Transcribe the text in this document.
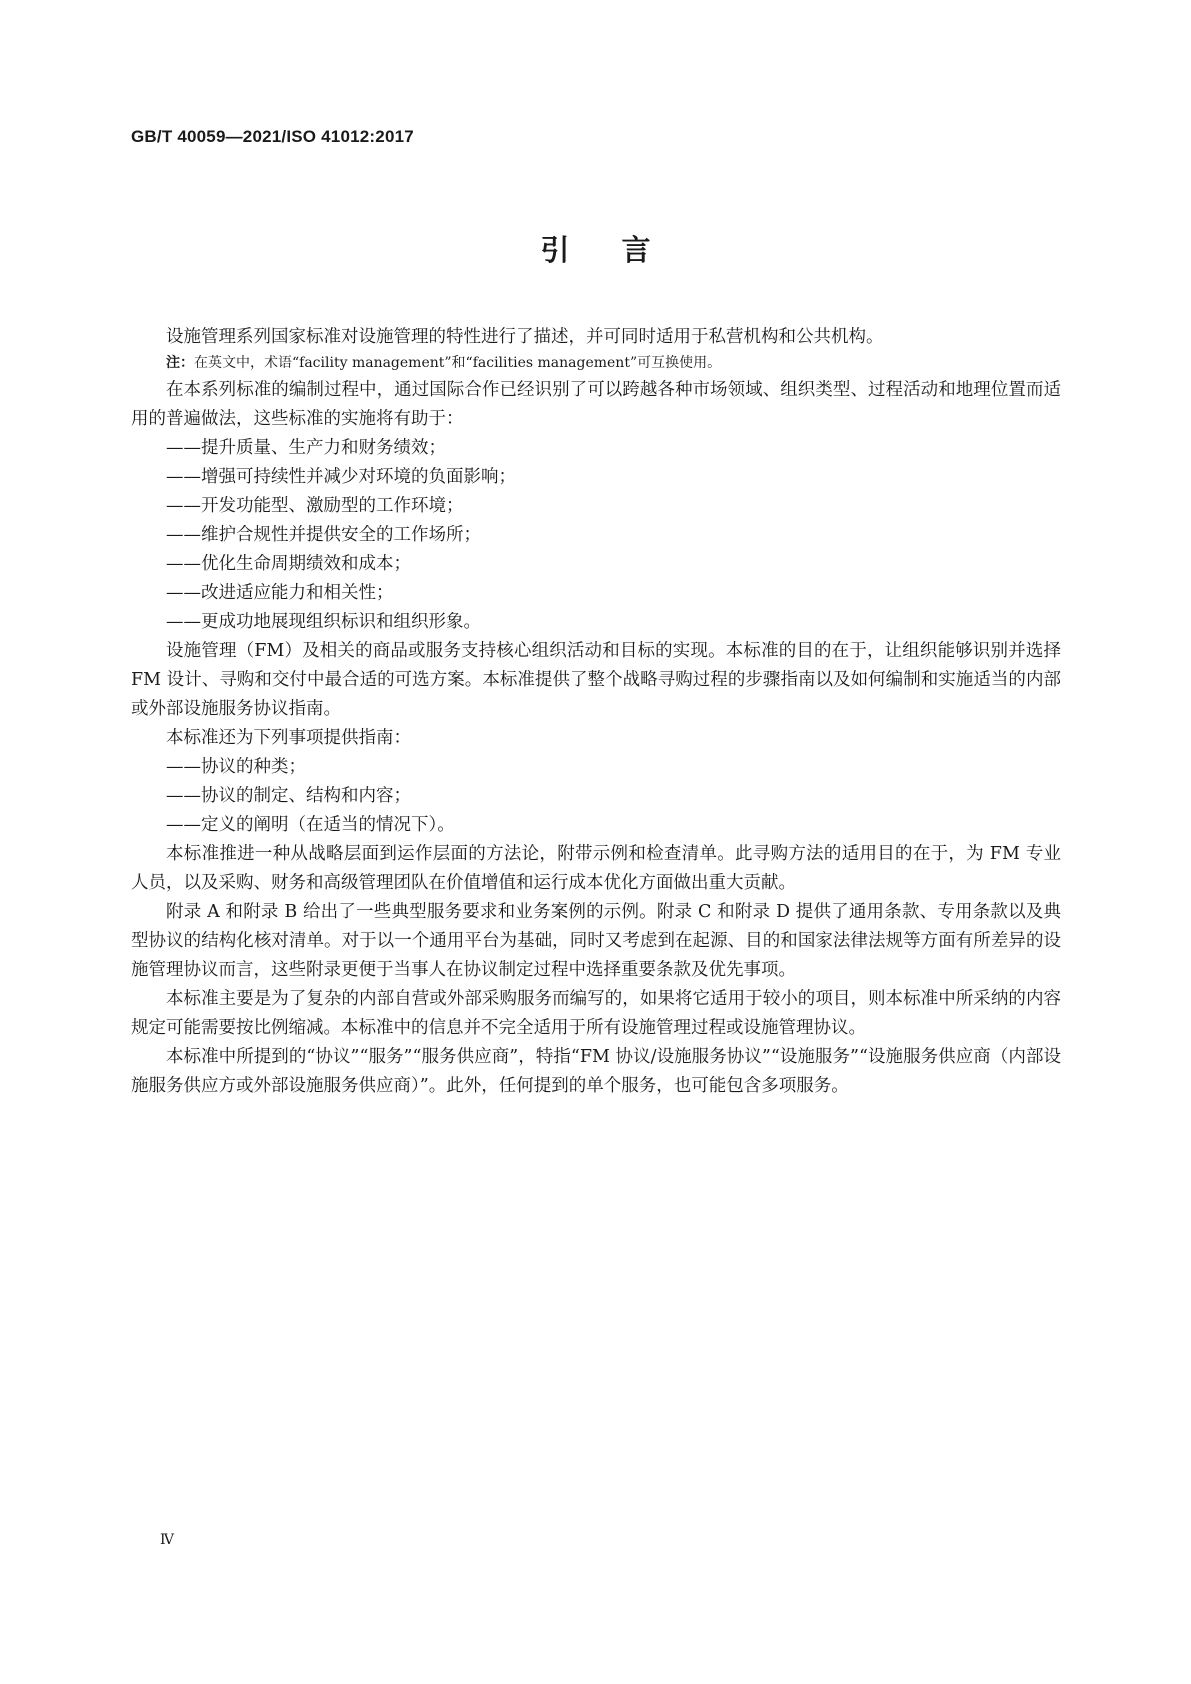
GB/T 40059—2021/ISO 41012:2017
引言

设施管理系列国家标准对设施管理的特性进行了描述，并可同时适用于私营机构和公共机构。

注：在英文中，术语“facility management”和“facilities management”可互换使用。

在本系列标准的编制过程中，通过国际合作已经识别了可以跨越各种市场领域、组织类型、过程活动和地理位置而适用的普遍做法，这些标准的实施将有助于：

——提升质量、生产力和财务绩效；

——增强可持续性并减少对环境的负面影响；

——开发功能型、激励型的工作环境；

——维护合规性并提供安全的工作场所；

——优化生命周期绩效和成本；

——改进适应能力和相关性；

——更成功地展现组织标识和组织形象。

设施管理（FM）及相关的商品或服务支持核心组织活动和目标的实现。本标准的目的在于，让组织能够识别并选择 FM 设计、寻购和交付中最合适的可选方案。本标准提供了整个战略寻购过程的步骤指南以及如何编制和实施适当的内部或外部设施服务协议指南。

本标准还为下列事项提供指南：

——协议的种类；

——协议的制定、结构和内容；

——定义的阐明（在适当的情况下）。

本标准推进一种从战略层面到运作层面的方法论，附带示例和检查清单。此寻购方法的适用目的在于，为 FM 专业人员，以及采购、财务和高级管理团队在价值增值和运行成本优化方面做出重大贡献。

附录 A 和附录 B 给出了一些典型服务要求和业务案例的示例。附录 C 和附录 D 提供了通用条款、专用条款以及典型协议的结构化核对清单。对于以一个通用平台为基础，同时又考虑到在起源、目的和国家法律法规等方面有所差异的设施管理协议而言，这些附录更便于当事人在协议制定过程中选择重要条款及优先事项。

本标准主要是为了复杂的内部自营或外部采购服务而编写的，如果将它适用于较小的项目，则本标准中所采纳的内容规定可能需要按比例缩减。本标准中的信息并不完全适用于所有设施管理过程或设施管理协议。

本标准中所提到的“协议”“服务”“服务供应商”，特指“FM 协议/设施服务协议”“设施服务”“设施服务供应商（内部设施服务供应方或外部设施服务供应商）”。此外，任何提到的单个服务，也可能包含多项服务。

Ⅳ
